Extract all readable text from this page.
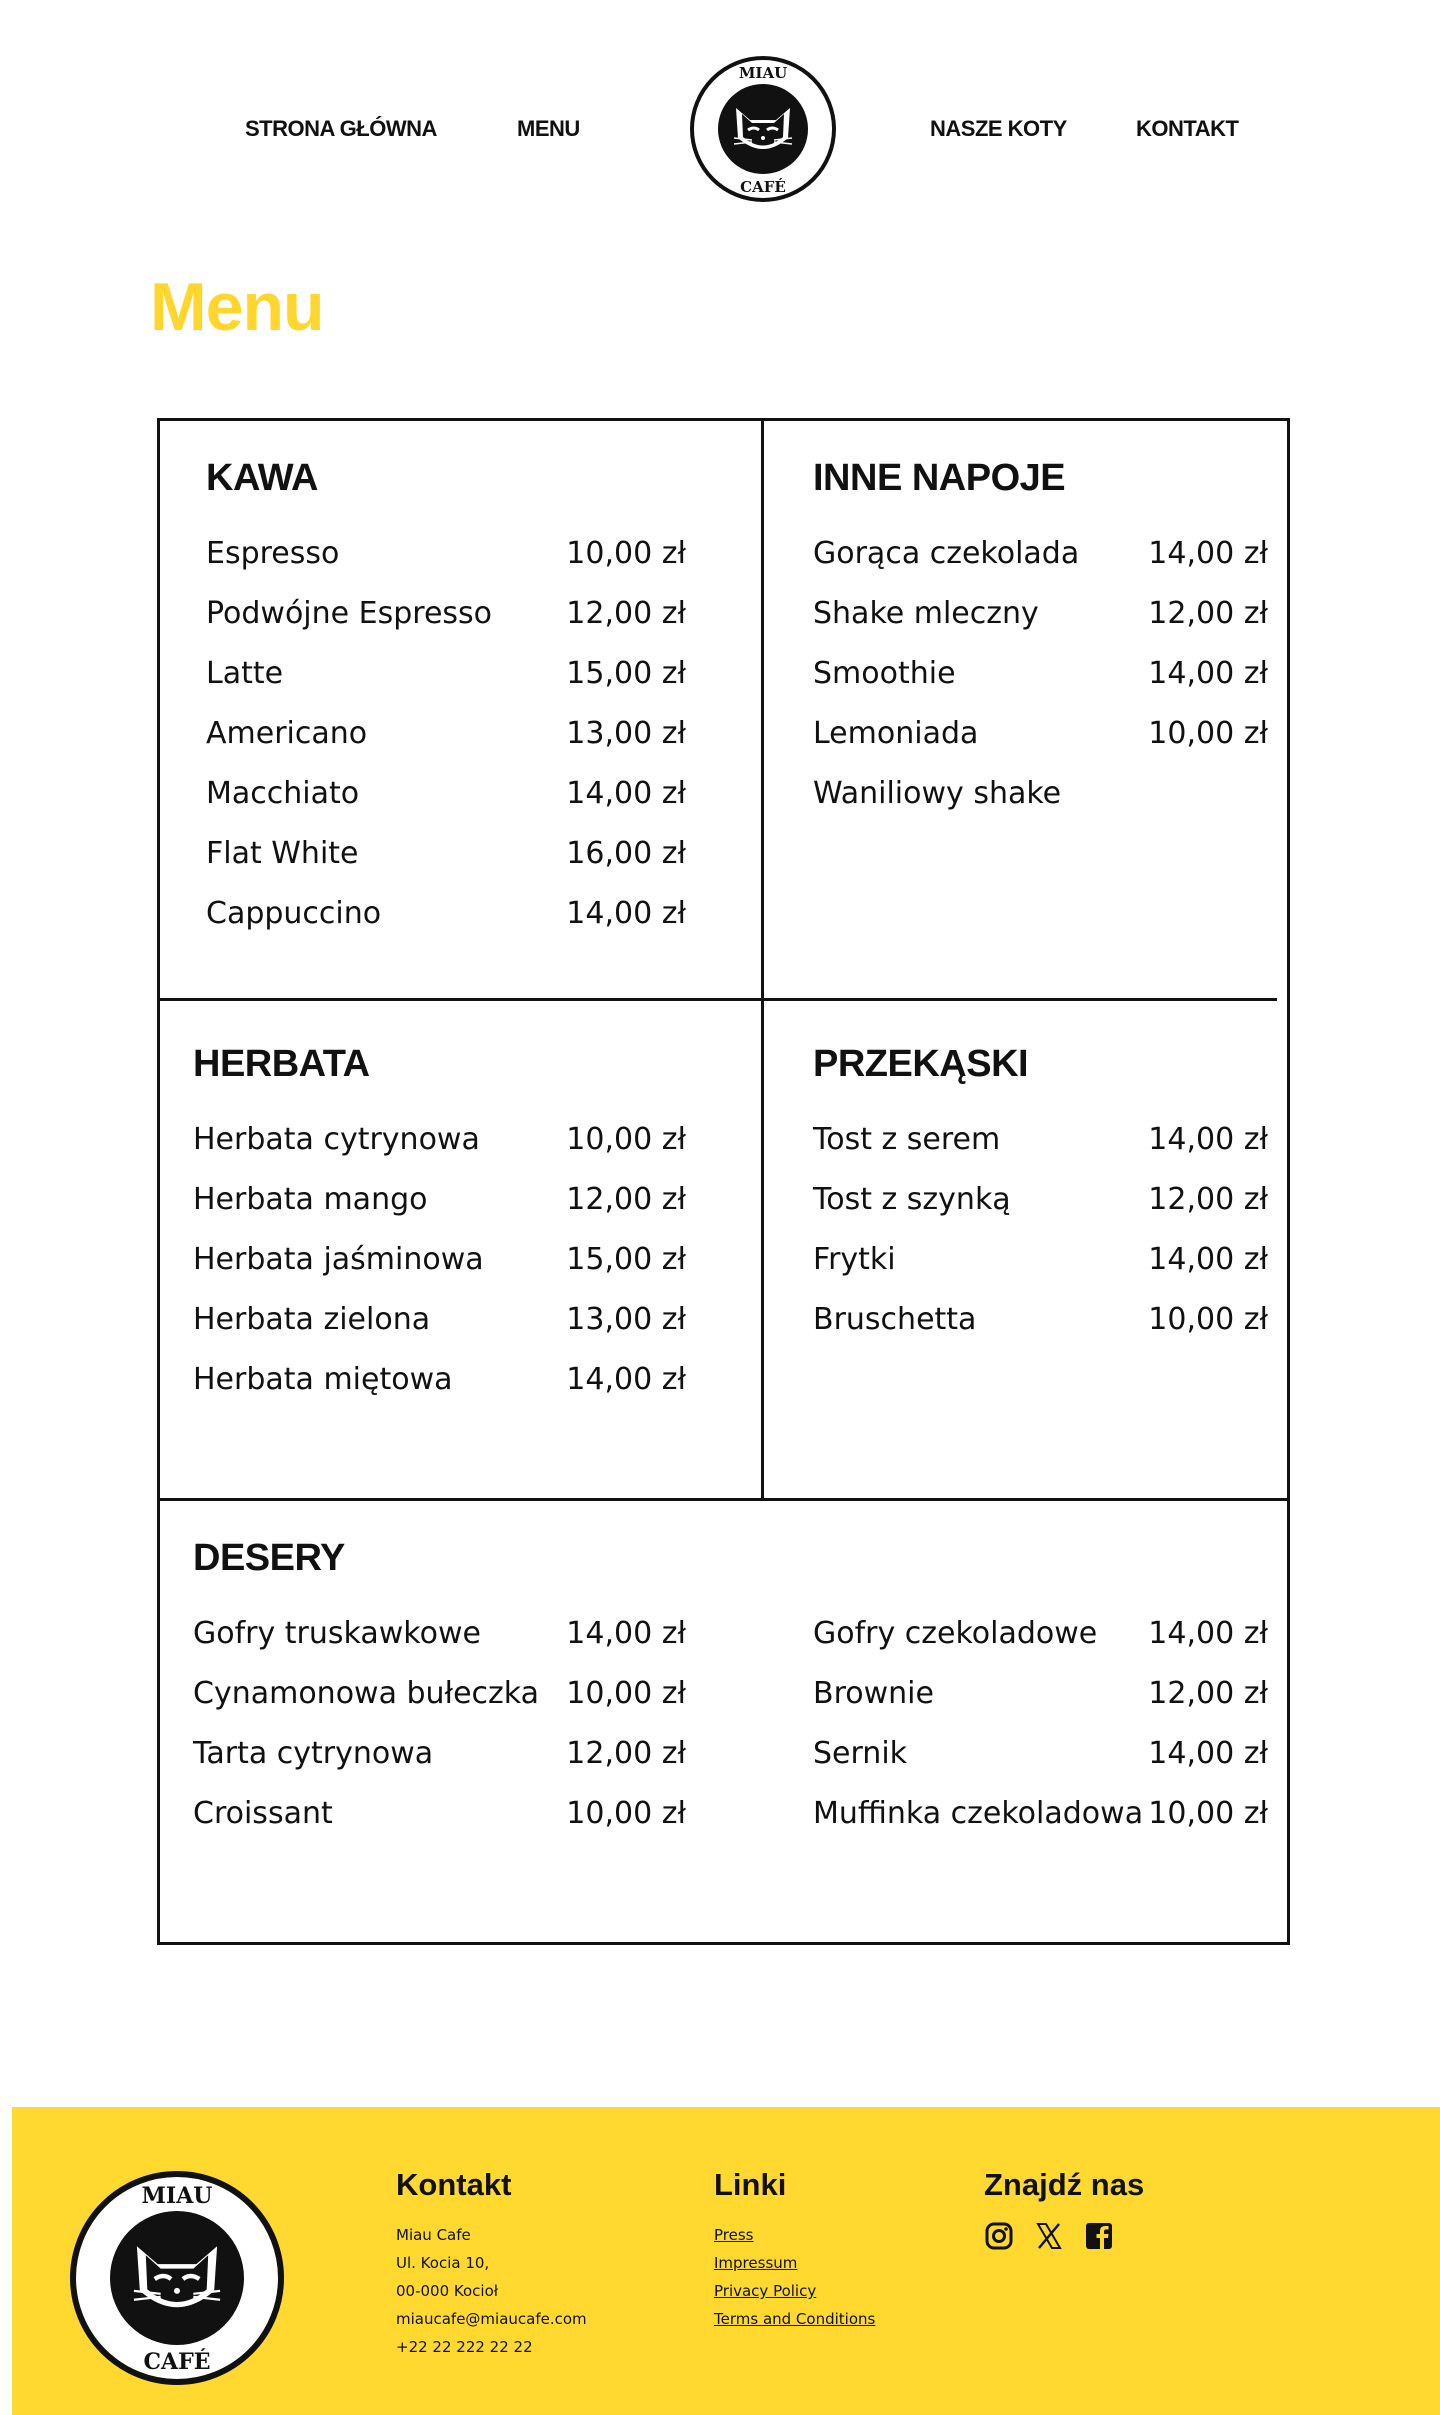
STRONA GŁÓWNA	MENU
MIAU
CAFÉ
NASZE KOTY	KONTAKT
Menu
KAWA
Espresso	10,00 zł
Podwójne Espresso 12,00 zł
Latte	15,00 zł
Americano	13,00 zł
Macchiato	14,00 zł
Flat White	16,00 zł
Cappuccino	14,00 zł
INNE NAPOJE
Gorąca czekolada 14,00 zł
Shake mleczny	12,00 zł
Smoothie	14,00 zł
Lemoniada	10,00 zł
Waniliowy shake
HERBATA
Herbata cytrynowa	10,00 zł
Herbata mango	12,00 zł
Herbata jaśminowa	15,00 zł
Herbata zielona	13,00 zł
Herbata miętowa	14,00 zł
PRZEKĄSKI
Tost z serem	14,00 zł
Tost z szynką	12,00 zł
Frytki	14,00 zł
Bruschetta	10,00 zł
DESERY
Gofry truskawkowe	14,00 zł
Cynamonowa bułeczka 10,00 zł
Tarta cytrynowa	12,00 zł
Croissant	10,00 zł
Gofry czekoladowe 14,00 zł
Brownie	12,00 zł
Sernik	14,00 zł
Muffinka czekoladowa 10,00 zł
MIAU
CAFÉ
Kontakt
Miau Cafe
Ul. Kocia 10,
00-000 Kocioł
miaucafe@miaucafe.com
+22 22 222 22 22
Linki
Press
Impressum
Privacy Policy
Terms and Conditions
Znajdź nas
